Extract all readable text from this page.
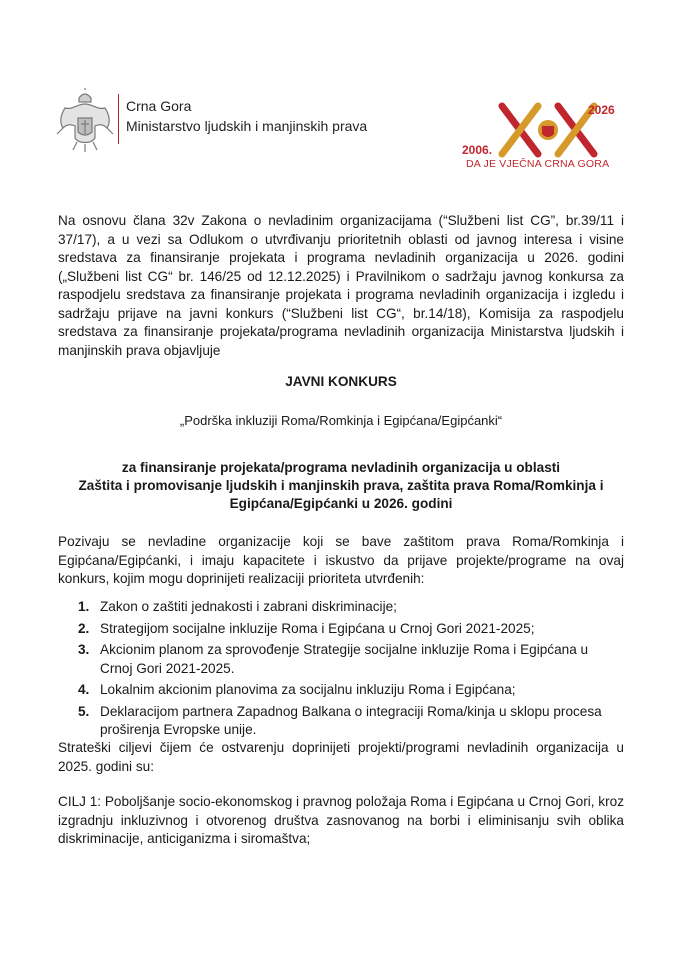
Crna Gora
Ministarstvo ljudskih i manjinskih prava
2006.
2026
DA JE VJEČNA CRNA GORA
Na osnovu člana 32v Zakona o nevladinim organizacijama (“Službeni list CG”, br.39/11 i 37/17), a u vezi sa Odlukom o utvrđivanju prioritetnih oblasti od javnog interesa i visine sredstava za finansiranje projekata i programa nevladinih organizacija u 2026. godini („Službeni list CG“ br. 146/25 od 12.12.2025) i Pravilnikom o sadržaju javnog konkursa za raspodjelu sredstava za finansiranje projekata i programa nevladinih organizacija i izgledu i sadržaju prijave na javni konkurs (“Službeni list CG“, br.14/18), Komisija za raspodjelu sredstava za finansiranje projekata/programa nevladinih organizacija Ministarstva ljudskih i manjinskih prava objavljuje
JAVNI KONKURS
„Podrška inkluziji Roma/Romkinja i Egipćana/Egipćanki“
za finansiranje projekata/programa nevladinih organizacija u oblasti
Zaštita i promovisanje ljudskih i manjinskih prava, zaštita prava Roma/Romkinja i
Egipćana/Egipćanki u 2026. godini
Pozivaju se nevladine organizacije koji se bave zaštitom prava Roma/Romkinja i Egipćana/Egipćanki, i imaju kapacitete i iskustvo da prijave projekte/programe na ovaj konkurs, kojim mogu doprinijeti realizaciji prioriteta utvrđenih:
1. Zakon o zaštiti jednakosti i zabrani diskriminacije;
2. Strategijom socijalne inkluzije Roma i Egipćana u Crnoj Gori 2021-2025;
3. Akcionim planom za sprovođenje Strategije socijalne inkluzije Roma i Egipćana u Crnoj Gori 2021-2025.
4. Lokalnim akcionim planovima za socijalnu inkluziju Roma i Egipćana;
5. Deklaracijom partnera Zapadnog Balkana o integraciji Roma/kinja u sklopu procesa proširenja Evropske unije.
Strateški ciljevi čijem će ostvarenju doprinijeti projekti/programi nevladinih organizacija u 2025. godini su:
CILJ 1: Poboljšanje socio-ekonomskog i pravnog položaja Roma i Egipćana u Crnoj Gori, kroz izgradnju inkluzivnog i otvorenog društva zasnovanog na borbi i eliminisanju svih oblika diskriminacije, anticiganizma i siromaštva;
